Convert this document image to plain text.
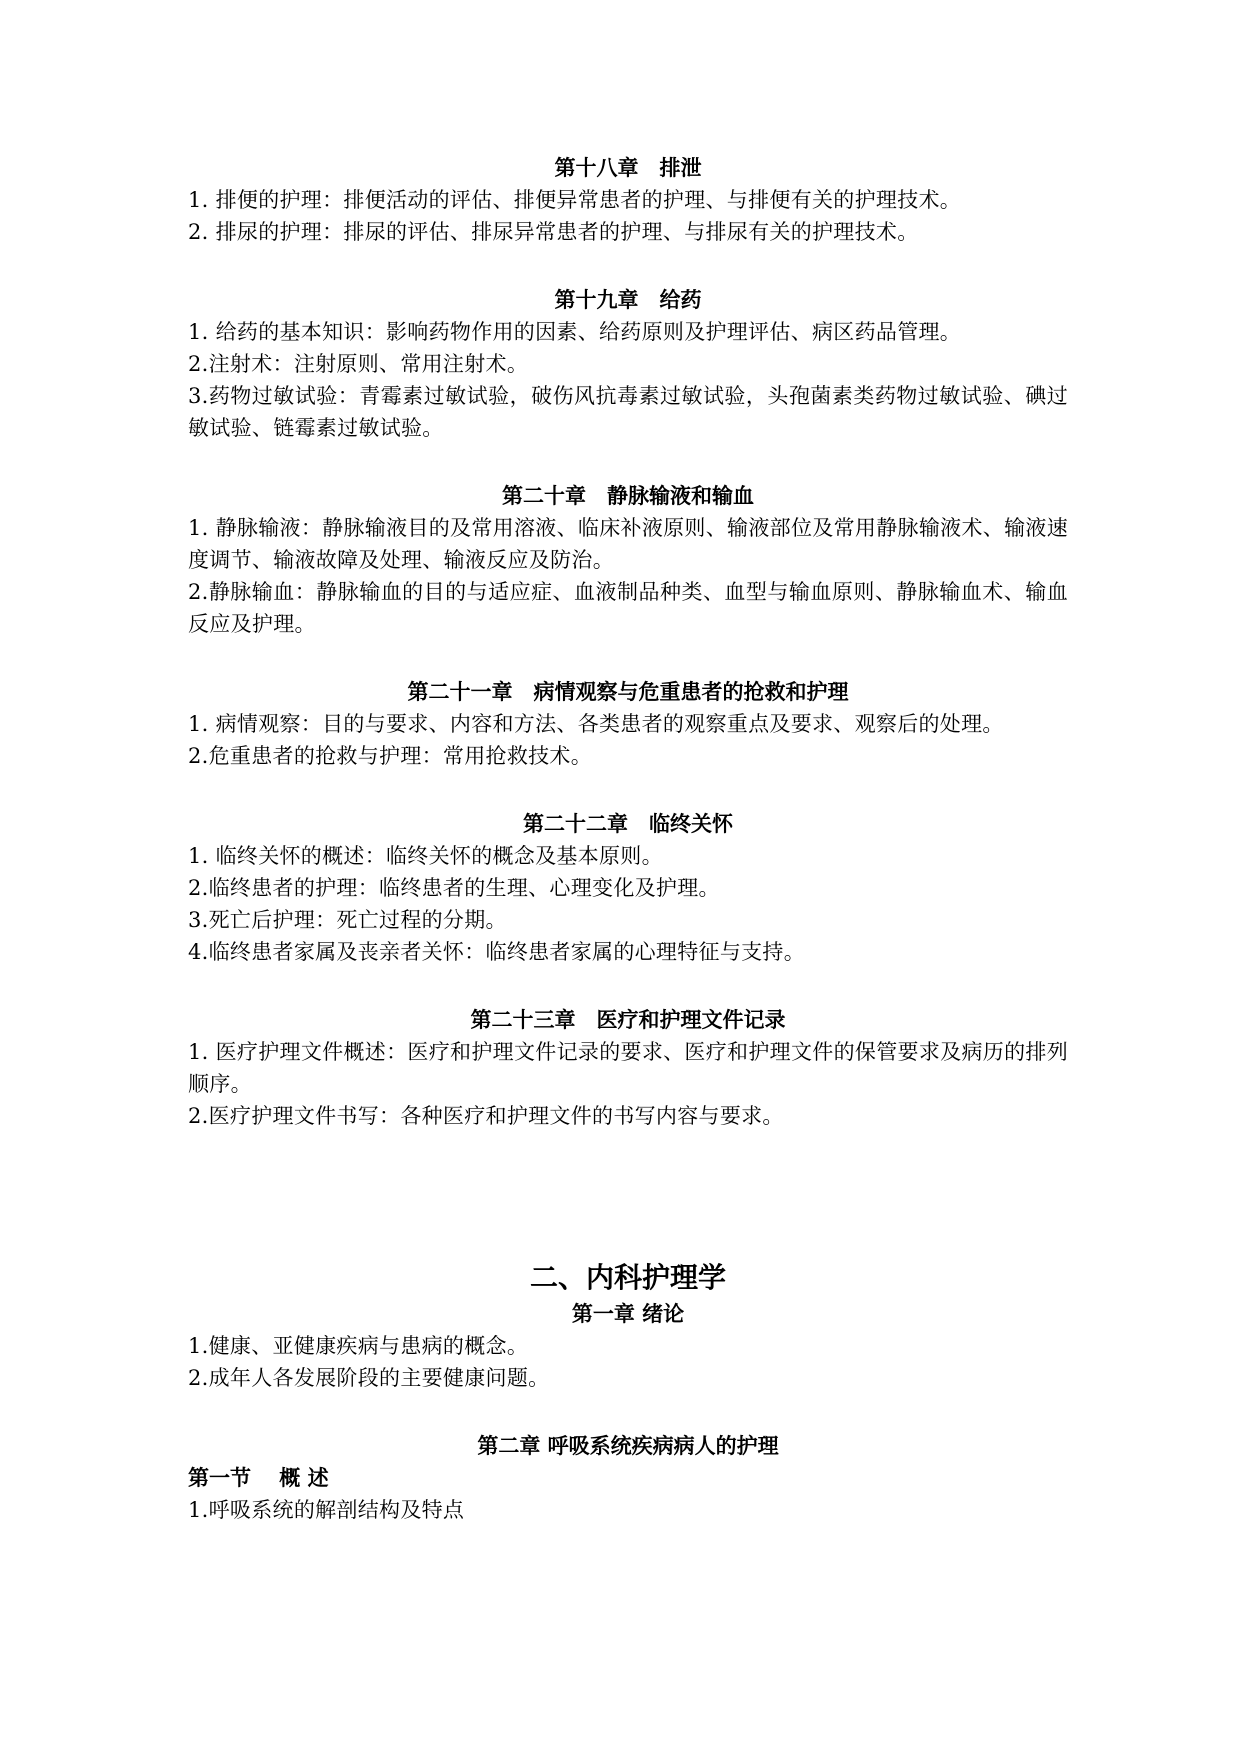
第十八章　排泄

1. 排便的护理：排便活动的评估、排便异常患者的护理、与排便有关的护理技术。

2. 排尿的护理：排尿的评估、排尿异常患者的护理、与排尿有关的护理技术。

第十九章　给药

1. 给药的基本知识：影响药物作用的因素、给药原则及护理评估、病区药品管理。

2.注射术：注射原则、常用注射术。

3.药物过敏试验：青霉素过敏试验，破伤风抗毒素过敏试验，头孢菌素类药物过敏试验、碘过敏试验、链霉素过敏试验。

第二十章　静脉输液和输血

1. 静脉输液：静脉输液目的及常用溶液、临床补液原则、输液部位及常用静脉输液术、输液速度调节、输液故障及处理、输液反应及防治。

2.静脉输血：静脉输血的目的与适应症、血液制品种类、血型与输血原则、静脉输血术、输血反应及护理。

第二十一章　病情观察与危重患者的抢救和护理

1. 病情观察：目的与要求、内容和方法、各类患者的观察重点及要求、观察后的处理。

2.危重患者的抢救与护理：常用抢救技术。

第二十二章　临终关怀

1. 临终关怀的概述：临终关怀的概念及基本原则。

2.临终患者的护理：临终患者的生理、心理变化及护理。

3.死亡后护理：死亡过程的分期。

4.临终患者家属及丧亲者关怀：临终患者家属的心理特征与支持。

第二十三章　医疗和护理文件记录

1. 医疗护理文件概述：医疗和护理文件记录的要求、医疗和护理文件的保管要求及病历的排列顺序。

2.医疗护理文件书写：各种医疗和护理文件的书写内容与要求。

二、内科护理学
第一章 绪论

1.健康、亚健康疾病与患病的概念。

2.成年人各发展阶段的主要健康问题。

第二章 呼吸系统疾病病人的护理
第一节　 概 述

1.呼吸系统的解剖结构及特点
